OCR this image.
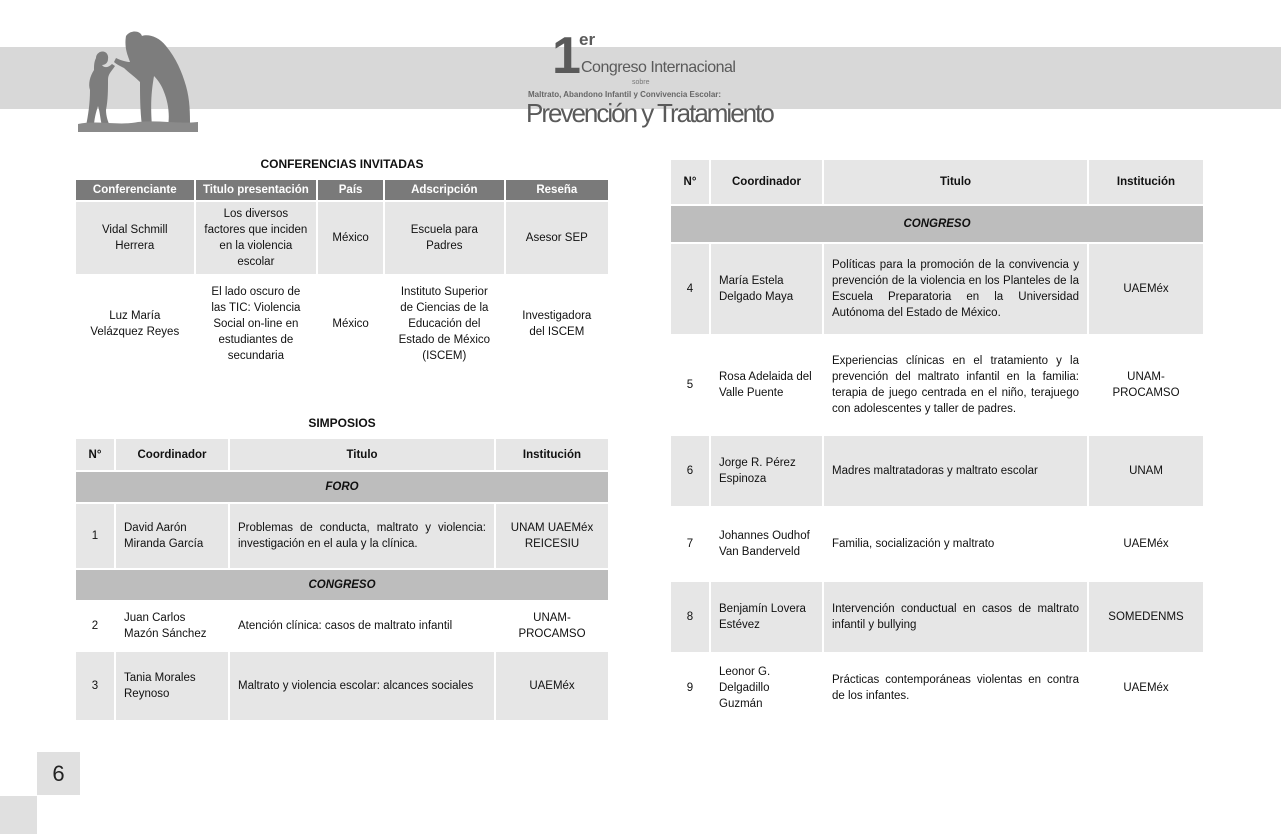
1 er
Congreso Internacional
sobre
Maltrato, Abandono Infantil y Convivencia Escolar:
Prevención y Tratamiento
CONFERENCIAS INVITADAS
Conferenciante	Titulo presentación	País	Adscripción	Reseña
Vidal Schmill Herrera	Los diversos factores que inciden en la violencia escolar	México	Escuela para Padres	Asesor SEP
Luz María Velázquez Reyes	El lado oscuro de las TIC: Violencia Social on-line en estudiantes de secundaria	México	Instituto Superior de Ciencias de la Educación del Estado de México (ISCEM)	Investigadora del ISCEM
SIMPOSIOS
N°	Coordinador	Titulo	Institución
FORO			
1	David Aarón Miranda García	Problemas de conducta, maltrato y violencia: investigación en el aula y la clínica.	UNAM UAEMéx REICESIU
CONGRESO			
2	Juan Carlos Mazón Sánchez	Atención clínica: casos de maltrato infantil	UNAM-PROCAMSO
3	Tania Morales Reynoso	Maltrato y violencia escolar: alcances sociales	UAEMéx
N°	Coordinador	Titulo	Institución
CONGRESO			
4	María Estela Delgado Maya	Políticas para la promoción de la convivencia y prevención de la violencia en los Planteles de la Escuela Preparatoria en la Universidad Autónoma del Estado de México.	UAEMéx
5	Rosa Adelaida del Valle Puente	Experiencias clínicas en el tratamiento y la prevención del maltrato infantil en la familia: terapia de juego centrada en el niño, terajuego con adolescentes y taller de padres.	UNAM-PROCAMSO
6	Jorge R. Pérez Espinoza	Madres maltratadoras y maltrato escolar	UNAM
7	Johannes Oudhof Van Banderveld	Familia, socialización y maltrato	UAEMéx
8	Benjamín Lovera Estévez	Intervención conductual en casos de maltrato infantil y bullying	SOMEDENMS
9	Leonor G. Delgadillo Guzmán	Prácticas contemporáneas violentas en contra de los infantes.	UAEMéx
6
